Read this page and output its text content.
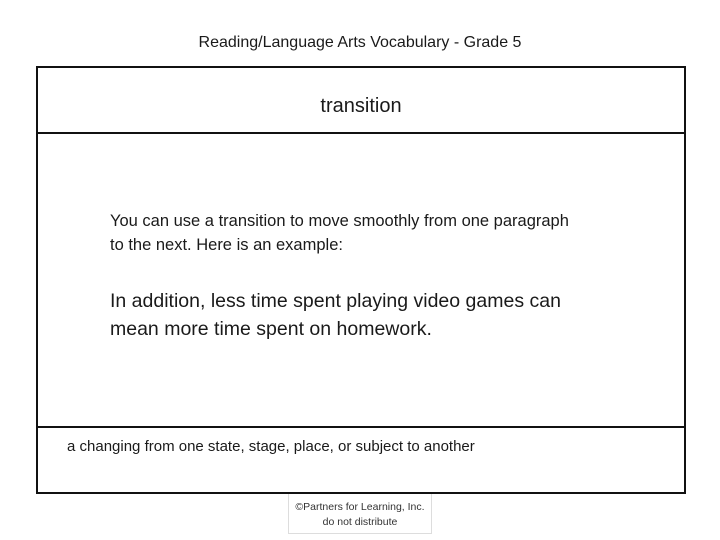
Reading/Language Arts Vocabulary - Grade 5
transition
You can use a transition to move smoothly from one paragraph to the next. Here is an example:
In addition, less time spent playing video games can mean more time spent on homework.
a changing from one state, stage, place, or subject to another
©Partners for Learning, Inc.
do not distribute
